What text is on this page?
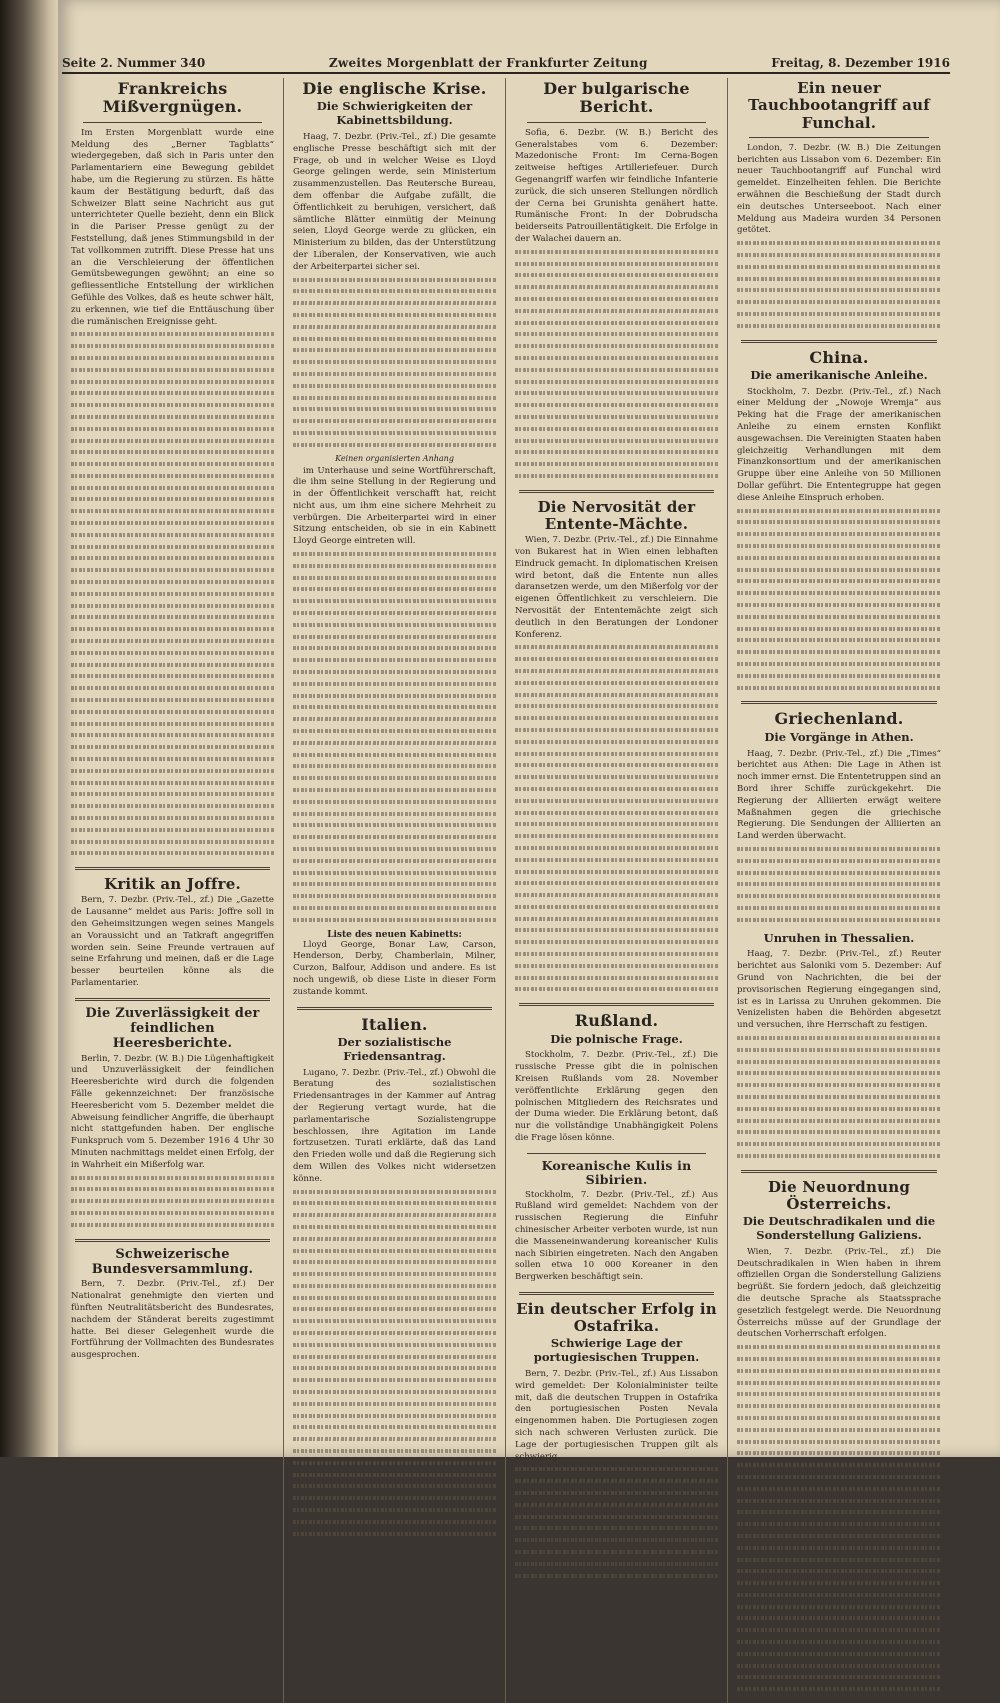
Seite 2. Nummer 340	Zweites Morgenblatt der Frankfurter Zeitung	Freitag, 8. Dezember 1916
Frankreichs Mißvergnügen.

Im Ersten Morgenblatt wurde eine Meldung des „Berner Tagblatts“ wiedergegeben, daß sich in Paris unter den Parlamentariern eine Bewegung gebildet habe, um die Regierung zu stürzen. Es hätte kaum der Bestätigung bedurft, daß das Schweizer Blatt seine Nachricht aus gut unterrichteter Quelle bezieht, denn ein Blick in die Pariser Presse genügt zu der Feststellung, daß jenes Stimmungsbild in der Tat vollkommen zutrifft. Diese Presse hat uns an die Verschleierung der öffentlichen Gemütsbewegungen gewöhnt; an eine so gefliessentliche Entstellung der wirklichen Gefühle des Volkes, daß es heute schwer hält, zu erkennen, wie tief die Enttäuschung über die rumänischen Ereignisse geht.

Kritik an Joffre.

Bern, 7. Dezbr. (Priv.-Tel., zf.) Die „Gazette de Lausanne“ meldet aus Paris: Joffre soll in den Geheimsitzungen wegen seines Mangels an Voraussicht und an Tatkraft angegriffen worden sein. Seine Freunde vertrauen auf seine Erfahrung und meinen, daß er die Lage besser beurteilen könne als die Parlamentarier.

Die Zuverlässigkeit der feindlichen Heeresberichte.

Berlin, 7. Dezbr. (W. B.) Die Lügenhaftigkeit und Unzuverlässigkeit der feindlichen Heeresberichte wird durch die folgenden Fälle gekennzeichnet: Der französische Heeresbericht vom 5. Dezember meldet die Abweisung feindlicher Angriffe, die überhaupt nicht stattgefunden haben. Der englische Funkspruch vom 5. Dezember 1916 4 Uhr 30 Minuten nachmittags meldet einen Erfolg, der in Wahrheit ein Mißerfolg war.

Schweizerische Bundesversammlung.

Bern, 7. Dezbr. (Priv.-Tel., zf.) Der Nationalrat genehmigte den vierten und fünften Neutralitätsbericht des Bundesrates, nachdem der Ständerat bereits zugestimmt hatte. Bei dieser Gelegenheit wurde die Fortführung der Vollmachten des Bundesrates ausgesprochen.

Die englische Krise.
Die Schwierigkeiten der Kabinettsbildung.

Haag, 7. Dezbr. (Priv.-Tel., zf.) Die gesamte englische Presse beschäftigt sich mit der Frage, ob und in welcher Weise es Lloyd George gelingen werde, sein Ministerium zusammenzustellen. Das Reutersche Bureau, dem offenbar die Aufgabe zufällt, die Öffentlichkeit zu beruhigen, versichert, daß sämtliche Blätter einmütig der Meinung seien, Lloyd George werde zu glücken, ein Ministerium zu bilden, das der Unterstützung der Liberalen, der Konservativen, wie auch der Arbeiterpartei sicher sei.

Keinen organisierten Anhang

im Unterhause und seine Wortführerschaft, die ihm seine Stellung in der Regierung und in der Öffentlichkeit verschafft hat, reicht nicht aus, um ihm eine sichere Mehrheit zu verbürgen. Die Arbeiterpartei wird in einer Sitzung entscheiden, ob sie in ein Kabinett Lloyd George eintreten will.

Liste des neuen Kabinetts:

Lloyd George, Bonar Law, Carson, Henderson, Derby, Chamberlain, Milner, Curzon, Balfour, Addison und andere. Es ist noch ungewiß, ob diese Liste in dieser Form zustande kommt.

Italien.
Der sozialistische Friedensantrag.

Lugano, 7. Dezbr. (Priv.-Tel., zf.) Obwohl die Beratung des sozialistischen Friedensantrages in der Kammer auf Antrag der Regierung vertagt wurde, hat die parlamentarische Sozialistengruppe beschlossen, ihre Agitation im Lande fortzusetzen. Turati erklärte, daß das Land den Frieden wolle und daß die Regierung sich dem Willen des Volkes nicht widersetzen könne.

Der bulgarische Bericht.

Sofia, 6. Dezbr. (W. B.) Bericht des Generalstabes vom 6. Dezember: Mazedonische Front: Im Cerna-Bogen zeitweise heftiges Artilleriefeuer. Durch Gegenangriff warfen wir feindliche Infanterie zurück, die sich unseren Stellungen nördlich der Cerna bei Grunishta genähert hatte. Rumänische Front: In der Dobrudscha beiderseits Patrouillentätigkeit. Die Erfolge in der Walachei dauern an.

Die Nervosität der Entente-Mächte.

Wien, 7. Dezbr. (Priv.-Tel., zf.) Die Einnahme von Bukarest hat in Wien einen lebhaften Eindruck gemacht. In diplomatischen Kreisen wird betont, daß die Entente nun alles daransetzen werde, um den Mißerfolg vor der eigenen Öffentlichkeit zu verschleiern. Die Nervosität der Ententemächte zeigt sich deutlich in den Beratungen der Londoner Konferenz.

Rußland.
Die polnische Frage.

Stockholm, 7. Dezbr. (Priv.-Tel., zf.) Die russische Presse gibt die in polnischen Kreisen Rußlands vom 28. November veröffentlichte Erklärung gegen den polnischen Mitgliedern des Reichsrates und der Duma wieder. Die Erklärung betont, daß nur die vollständige Unabhängigkeit Polens die Frage lösen könne.

Koreanische Kulis in Sibirien.

Stockholm, 7. Dezbr. (Priv.-Tel., zf.) Aus Rußland wird gemeldet: Nachdem von der russischen Regierung die Einfuhr chinesischer Arbeiter verboten wurde, ist nun die Masseneinwanderung koreanischer Kulis nach Sibirien eingetreten. Nach den Angaben sollen etwa 10 000 Koreaner in den Bergwerken beschäftigt sein.

Ein deutscher Erfolg in Ostafrika.
Schwierige Lage der portugiesischen Truppen.

Bern, 7. Dezbr. (Priv.-Tel., zf.) Aus Lissabon wird gemeldet: Der Kolonialminister teilte mit, daß die deutschen Truppen in Ostafrika den portugiesischen Posten Nevala eingenommen haben. Die Portugiesen zogen sich nach schweren Verlusten zurück. Die Lage der portugiesischen Truppen gilt als schwierig.

Ein neuer Tauchbootangriff auf Funchal.

London, 7. Dezbr. (W. B.) Die Zeitungen berichten aus Lissabon vom 6. Dezember: Ein neuer Tauchbootangriff auf Funchal wird gemeldet. Einzelheiten fehlen. Die Berichte erwähnen die Beschießung der Stadt durch ein deutsches Unterseeboot. Nach einer Meldung aus Madeira wurden 34 Personen getötet.

China.
Die amerikanische Anleihe.

Stockholm, 7. Dezbr. (Priv.-Tel., zf.) Nach einer Meldung der „Nowoje Wremja“ aus Peking hat die Frage der amerikanischen Anleihe zu einem ernsten Konflikt ausgewachsen. Die Vereinigten Staaten haben gleichzeitig Verhandlungen mit dem Finanzkonsortium und der amerikanischen Gruppe über eine Anleihe von 50 Millionen Dollar geführt. Die Ententegruppe hat gegen diese Anleihe Einspruch erhoben.

Griechenland.
Die Vorgänge in Athen.

Haag, 7. Dezbr. (Priv.-Tel., zf.) Die „Times“ berichtet aus Athen: Die Lage in Athen ist noch immer ernst. Die Ententetruppen sind an Bord ihrer Schiffe zurückgekehrt. Die Regierung der Alliierten erwägt weitere Maßnahmen gegen die griechische Regierung. Die Sendungen der Alliierten an Land werden überwacht.

Unruhen in Thessalien.

Haag, 7. Dezbr. (Priv.-Tel., zf.) Reuter berichtet aus Saloniki vom 5. Dezember: Auf Grund von Nachrichten, die bei der provisorischen Regierung eingegangen sind, ist es in Larissa zu Unruhen gekommen. Die Venizelisten haben die Behörden abgesetzt und versuchen, ihre Herrschaft zu festigen.

Die Neuordnung Österreichs.
Die Deutschradikalen und die Sonderstellung Galiziens.

Wien, 7. Dezbr. (Priv.-Tel., zf.) Die Deutschradikalen in Wien haben in ihrem offiziellen Organ die Sonderstellung Galiziens begrüßt. Sie fordern jedoch, daß gleichzeitig die deutsche Sprache als Staatssprache gesetzlich festgelegt werde. Die Neuordnung Österreichs müsse auf der Grundlage der deutschen Vorherrschaft erfolgen.
